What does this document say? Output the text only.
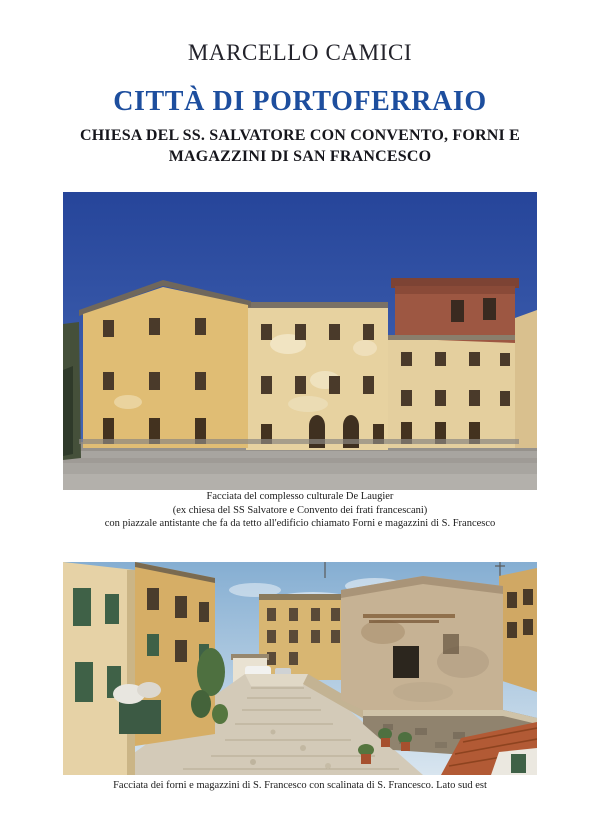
MARCELLO CAMICI
CITTÀ DI PORTOFERRAIO
CHIESA DEL SS. SALVATORE CON CONVENTO, FORNI E MAGAZZINI DI SAN FRANCESCO
Facciata del complesso culturale De Laugier
(ex chiesa del SS Salvatore e Convento dei frati francescani)
con piazzale antistante che fa da tetto all'edificio chiamato Forni e magazzini di S. Francesco
Facciata dei forni e magazzini di S. Francesco con scalinata di S. Francesco. Lato sud est
